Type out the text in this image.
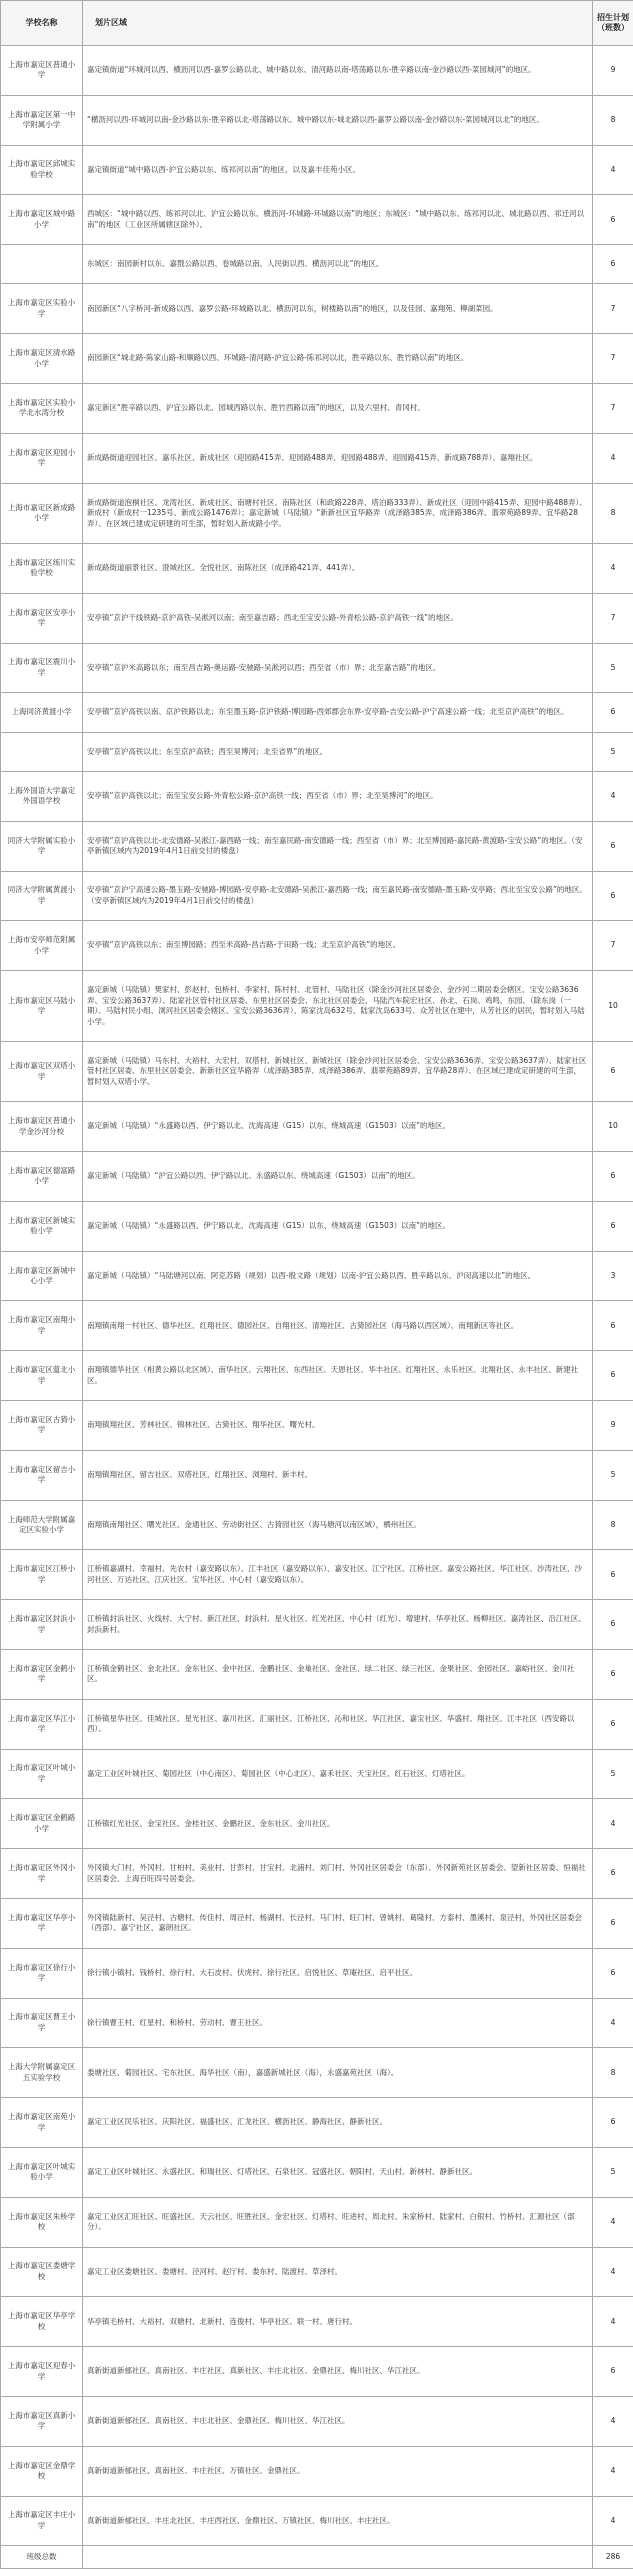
学校名称	划片区域	招生计划（班数）
上海市嘉定区普通小学	嘉定镇街道“环城河以西、横沥河以西-嘉罗公路以北、城中路以东、清河路以南-塔荡路以东-胜辛路以南-金沙路以西-菜园城河”的地区。	9
上海市嘉定区第一中学附属小学	“横沥河以西-环城河以南-金沙路以东-胜辛路以北-塔荡路以东、城中路以东-城北路以西-嘉罗公路以南-金沙路以东-菜园城河以北”的地区。	8
上海市嘉定区邱城实验学校	嘉定镇街道“城中路以西-沪宜公路以东、练祁河以南”的地区，以及嘉丰佳苑小区。	4
上海市嘉定区城中路小学	西城区：“城中路以西、练祁河以北、沪宜公路以东、横沥河-环城路-环城路以南”的地区；东城区：“城中路以东、练祁河以北、城北路以西、祁迁河以南”的地区（工业区所属辖区除外）。	6
	东城区：南园新村以东、嘉戬公路以西、卷城路以南、人民街以西、横沥河以北”的地区。	6
上海市嘉定区实验小学	南园新区“八字桥河-新成路以西、嘉罗公路-环城路以北、横沥河以东，树楼路以南”的地区，以及佳园、嘉翔苑、柳湖菜园。	7
上海市嘉定区清水路小学	南园新区“城北路-陈家山路-和顺路以西、环城路-清河路-沪宜公路-陈祁河以北，胜辛路以东、胜竹路以南”的地区。	7
上海市嘉定区实验小学北水湾分校	嘉定新区“胜辛路以西、沪宜公路以北、园城西路以东、胜竹西路以南”的地区，以及六里村、青冈村。	7
上海市嘉定区迎园小学	新成路街道迎园社区、嘉乐社区、新成社区（迎园路415弄、迎园路488弄、迎园路488弄、迎园路415弄、新成路788弄）、嘉翔社区。	4
上海市嘉定区新成路小学	新成路街道泡桐社区、龙湾社区、新成社区、南塘村社区、南陈社区（和政路228弄、塔泊路333弄）、新成社区（迎园中路415弄、迎园中路488弄）、新成村（新成村一1235号、新成公路1476弄）；嘉定新城（马陆镇）“新新社区宜华路弄（成泽路385弄、成泽路386弄、翡翠苑路89弄、宜华路28弄）、在区域已建成定研建的可生部，暂时划入新成路小学。	8
上海市嘉定区练川实验学校	新成路街道丽景社区、澄城社区、全悦社区、南陈社区（成泽路421弄、441弄）。	4
上海市嘉定区安亭小学	安亭镇“京沪干线铁路-京沪高铁-吴淞河以南；南至嘉吉路；西北至宝安公路-外青松公路-京沪高铁一线”的地区。	7
上海市嘉定区震川小学	安亭镇“京沪米高路以东；南至昌吉路-奥运路-安驰路-吴淞河以西；西至省（市）界；北至嘉吉路”的地区。	5
上海同济黄渡小学	安亭镇“京沪高铁以南、京沪铁路以北；东至墨玉路-京沪铁路-博园路-西郊郡会东界-安亭路-吉安公路-沪宁高速公路一线；北至京沪高铁”的地区。	6
	安亭镇“京沪高铁以北；东至京沪高铁；西至昊博河；北至省界”的地区。	5
上海外国语大学嘉定外国语学校	安亭镇“京沪高铁以北；南至宝安公路-外青松公路-京沪高铁一线；西至省（市）界；北至昊博河”的地区。	4
同济大学附属实验小学	安亭镇“京沪高铁以北-北安德路-吴淞江-嘉西路一线；南至嘉民路-南安德路一线；西至省（市）界；北至博园路-嘉民路-黄渡路-宝安公路”的地区。（安亭新镇区域内为2019年4月1日前交付的楼盘）	6
同济大学附属黄渡小学	安亭镇“京沪宁高速公路-墨玉路-安驰路-博园路-安亭路-北安德路-吴淞江-嘉西路一线；南至嘉民路-南安德路-墨玉路-安亭路；西北至宝安公路”的地区。（安亭新镇区域内为2019年4月1日前交付的楼盘）	6
上海市安亭师范附属小学	安亭镇“京沪高铁以东；南至博园路；西至米高路-昌吉路-于田路一线；北至京沪高铁”的地区。	7
上海市嘉定区马陆小学	嘉定新城（马陆镇）樊家村、彭赵村、包桥村、李家村、陈村村、北管村、马陆社区（除金沙河社区居委会、金沙河二期居委会辖区、宝安公路3636弄、宝安公路3637弄）、陆家社区管村社区居委、东里社区居委会、东北社区居委会、马陆汽车院宏社区、孙北、石岗、鸡鸣、东园、（除东岗（一期）、马陆村民小组、浏河社区居委会辖区、宝安公路3636弄）、陈家沈岛632号、陆家沈岛633号、众芳社区在建中，从芳社区的居民，暂时划入马陆小学。	10
上海市嘉定区双塔小学	嘉定新城（马陆镇）马东村、大裕村、大宏村、双塔村、新城社区、新城社区（除金沙河社区居委会、宝安公路3636弄、宝安公路3637弄）、陆家社区管村社区居委、东里社区居委会、新新社区宜华路弄（成泽路385弄、成泽路386弄、翡翠苑路89弄、宜华路28弄）、在区域已建成定研建的可生部，暂时划入双塔小学。	6
上海市嘉定区普通小学金沙河分校	嘉定新城（马陆镇）“永盛路以西、伊宁路以北、沈海高速（G15）以东、绕城高速（G1503）以南”的地区。	10
上海市嘉定区德富路小学	嘉定新城（马陆镇）“沪宜公路以西、伊宁路以北、永盛路以东、绕城高速（G1503）以南”的地区。	6
上海市嘉定区新城实验小学	嘉定新城（马陆镇）“永盛路以西、伊宁路以北、沈海高速（G15）以东、绕城高速（G1503）以南”的地区。	6
上海市嘉定区新城中心小学	嘉定新城（马陆镇）“马陆塘河以南、阿克苏路（规划）以西-殷文路（规划）以南-沪宜公路以西、胜辛路以东、沪闵高速以北”的地区。	3
上海市嘉定区南翔小学	南翔镇南翔一村社区、德华社区、红翔社区、德园社区、自翔社区、清翔社区、古猗园社区（海马路以西区域）、南翔新区等社区。	6
上海市嘉定区蕰北小学	南翔镇德华社区（相黄公路以北区域）、南华社区、云翔社区、东西社区、天恩社区、华丰社区、红翔社区、永乐社区、北翔社区、永丰社区、新建社区。	6
上海市嘉定区古猗小学	南翔镇翔社区、芳林社区、锦林社区、古猗社区、翔华社区、曙光村。	9
上海市嘉定区留吉小学	南翔镇翔社区、留吉社区、双塔社区、红翔社区、浏翔村、新丰村。	5
上海师范大学附属嘉定区实验小学	南翔镇南翔社区、曙光社区、金通社区、劳动街社区、古猗园社区（海马塘河以南区域），栖州社区。	8
上海市嘉定区江桥小学	江桥镇嘉湖村、幸福村、先农村（嘉安路以东）、江丰社区（嘉安路以东）、嘉安社区、江宁社区、江桥社区、嘉安公路社区、华江社区、沙涛社区、沙河社区、万达社区、江庆社区、宝华社区、中心村（嘉安路以东）。	6
上海市嘉定区封浜小学	江桥镇封浜社区、火线村、大宁村、新江社区、封浜村、星火社区、红光社区、中心村（红光）、增建村、华亭社区、杨柳社区、嘉涛社区、沿江社区、封浜新村。	6
上海市嘉定区金鹤小学	江桥镇金鹤社区、金北社区、金东社区、金中社区、金鹏社区、金巢社区、金社区、绿二社区、绿三社区、金果社区、金园社区、嘉峪社区、金川社区。	6
上海市嘉定区华江小学	江桥镇星华社区、佳城社区、星光社区、嘉川社区、汇丽社区、江桥社区、沁和社区、华江社区、嘉宝社区、华盛村、翔社区、江丰社区（西安路以西）。	6
上海市嘉定区叶城小学	嘉定工业区叶城社区、菊园社区（中心南区）、菊园社区（中心北区）、嘉禾社区、天宝社区、红石社区、灯塔社区。	5
上海市嘉定区金鹤路小学	江桥镇红光社区、金宝社区、金桂社区、金鹏社区、金东社区、金川社区。	4
上海市嘉定区外冈小学	外冈镇大门村、外冈村、甘柏村、美业村、甘彭村、甘宝村、北浦村、刘门村、外冈社区居委会（东部）、外冈新苑社区居委会、望新社区居委、恒福社区居委会、上海百旺四号居委会。	6
上海市嘉定区华亭小学	外冈镇陆新村、吴泾村、古塘村、传佳村、周泾村、杨湖村、长泾村、马门村、旺门村、曾姚村、葛隆村、方泰村、墨溪村、泉泾村，外冈社区居委会（西部）、嘉宁社区、嘉朗社区。	6
上海市嘉定区徐行小学	徐行镇小镇村、钱桥村、徐行村、大石皮村、伏虎村、徐行社区、启悦社区、草庵社区、启平社区。	6
上海市嘉定区曹王小学	徐行镇曹王村、红星村、和桥村、劳动村、曹王社区。	4
上海大学附属嘉定区五实验学校	娄塘社区、菊园社区、宅东社区、海华社区（南），嘉盛新城社区（海），永盛嘉苑社区（海）。	8
上海市嘉定区南苑小学	嘉定工业区民乐社区、庆阳社区、福盛社区、汇龙社区、横沥社区、静海社区、静新社区。	6
上海市嘉定区叶城实验小学	嘉定工业区叶城社区、永盛社区、和瑞社区、灯塔社区、石泉社区、冠盛社区、朝阳村、天山村、新林村、静新社区。	5
上海市嘉定区朱桥学校	嘉定工业区汇旺社区、旺盛社区、天云社区、旺胜社区、金宏社区、灯塔村、旺进村、周北村、朱家桥村、陆家村、白银村、竹桥村、汇源社区（部分）。	4
上海市嘉定区娄塘学校	嘉定工业区娄塘社区、娄塘村、泾河村、赵厅村、娄东村、陆渡村、草泽村。	4
上海市嘉定区华亭学校	华亭镇毛桥村、大裕村、双塘村、北新村、连俊村、华亭社区、联一村、唐行村。	4
上海市嘉定区迎春小学	真新街道新郁社区、真南社区、丰庄社区、真新社区、丰庄北社区、金鼎社区、梅川社区、华江社区。	6
上海市嘉定区真新小学	真新街道新郁社区、真南社区、丰庄北社区、金鼎社区、梅川社区、华江社区。	4
上海市嘉定区金鼎学校	真新街道新郁社区、真南社区、丰庄社区、万镇社区、金鼎社区。	4
上海市嘉定区丰庄小学	真新街道新郁社区、丰庄北社区、丰庄西社区、金鼎社区、万镇社区、梅川社区、丰庄社区。	4
班级总数		286
